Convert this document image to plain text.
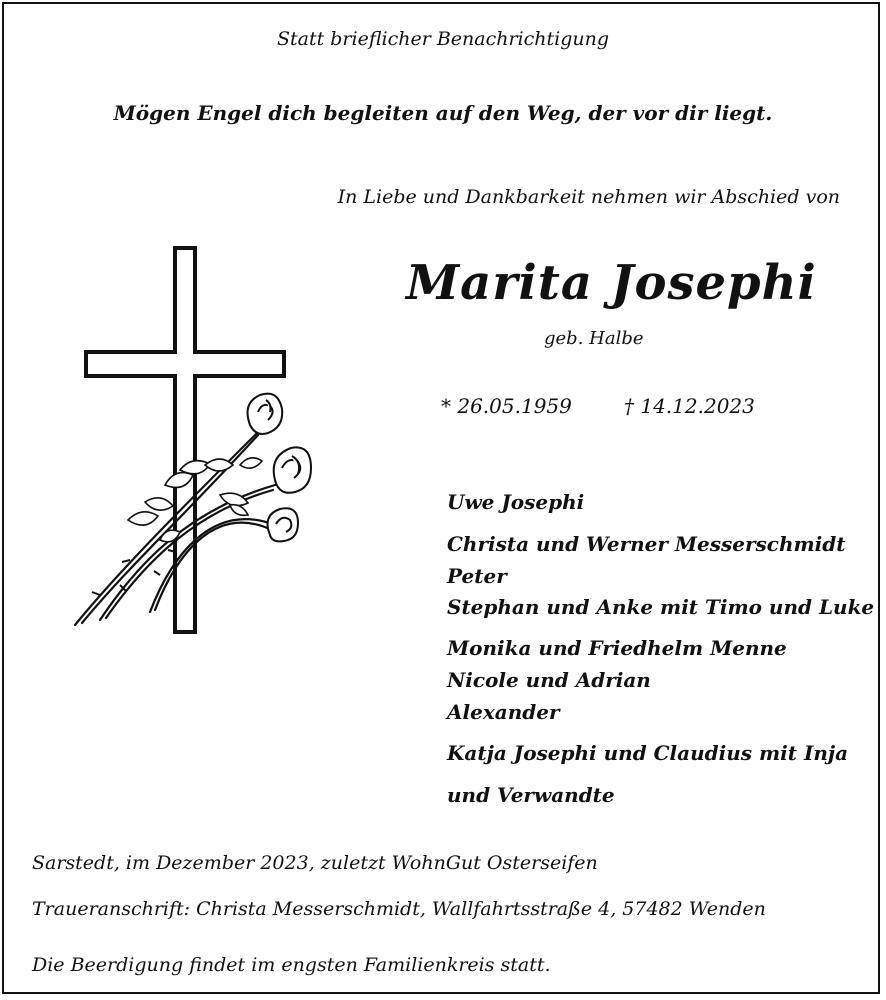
Statt brieflicher Benachrichtigung
Mögen Engel dich begleiten auf den Weg, der vor dir liegt.
In Liebe und Dankbarkeit nehmen wir Abschied von
Marita Josephi
geb. Halbe
* 26.05.1959	† 14.12.2023
Uwe Josephi
Christa und Werner Messerschmidt
Peter
Stephan und Anke mit Timo und Luke
Monika und Friedhelm Menne
Nicole und Adrian
Alexander
Katja Josephi und Claudius mit Inja
und Verwandte
Sarstedt, im Dezember 2023, zuletzt WohnGut Osterseifen
Traueranschrift: Christa Messerschmidt, Wallfahrtsstraße 4, 57482 Wenden
Die Beerdigung findet im engsten Familienkreis statt.
